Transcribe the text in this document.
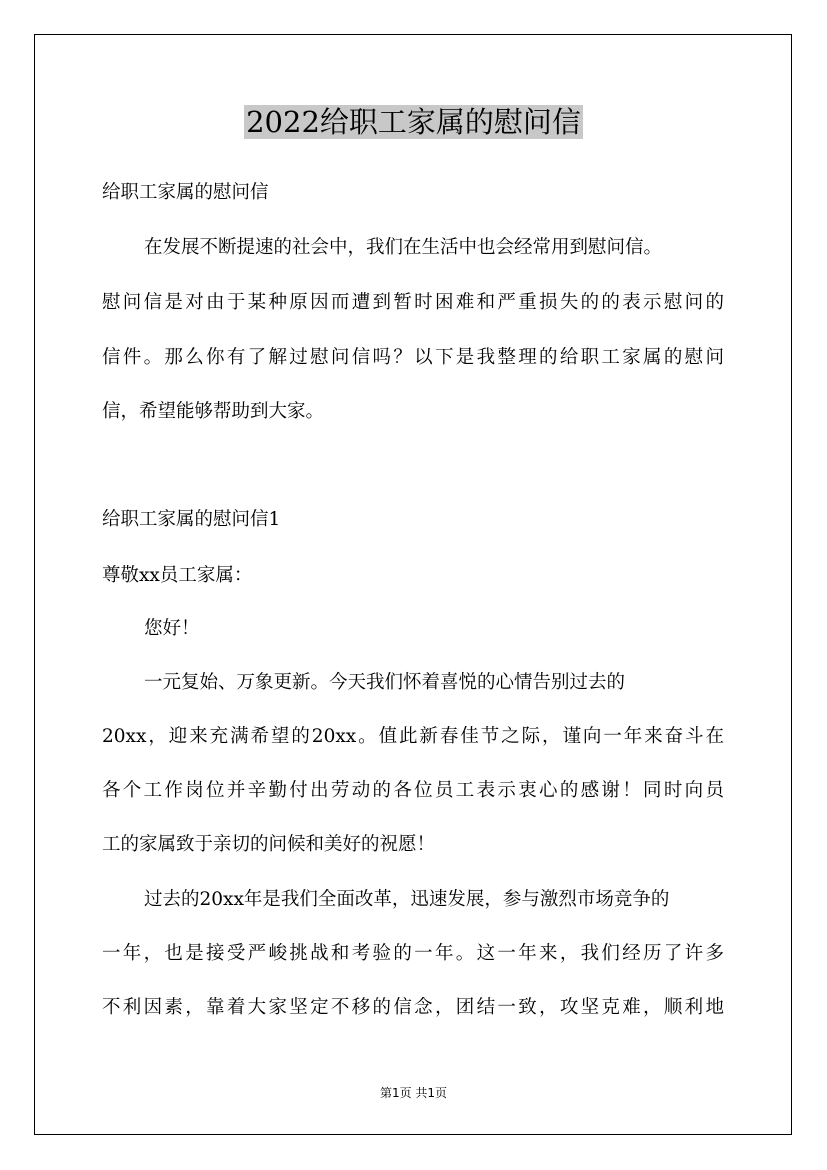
2022给职工家属的慰问信
给职工家属的慰问信
在发展不断提速的社会中，我们在生活中也会经常用到慰问信。
慰问信是对由于某种原因而遭到暂时困难和严重损失的的表示慰问的
信件。那么你有了解过慰问信吗？以下是我整理的给职工家属的慰问
信，希望能够帮助到大家。
给职工家属的慰问信1
尊敬xx员工家属：
您好！
一元复始、万象更新。今天我们怀着喜悦的心情告别过去的
20xx，迎来充满希望的20xx。值此新春佳节之际，谨向一年来奋斗在
各个工作岗位并辛勤付出劳动的各位员工表示衷心的感谢！同时向员
工的家属致于亲切的问候和美好的祝愿！
过去的20xx年是我们全面改革，迅速发展，参与激烈市场竞争的
一年，也是接受严峻挑战和考验的一年。这一年来，我们经历了许多
不利因素，靠着大家坚定不移的信念，团结一致，攻坚克难，顺利地
第1页 共1页
